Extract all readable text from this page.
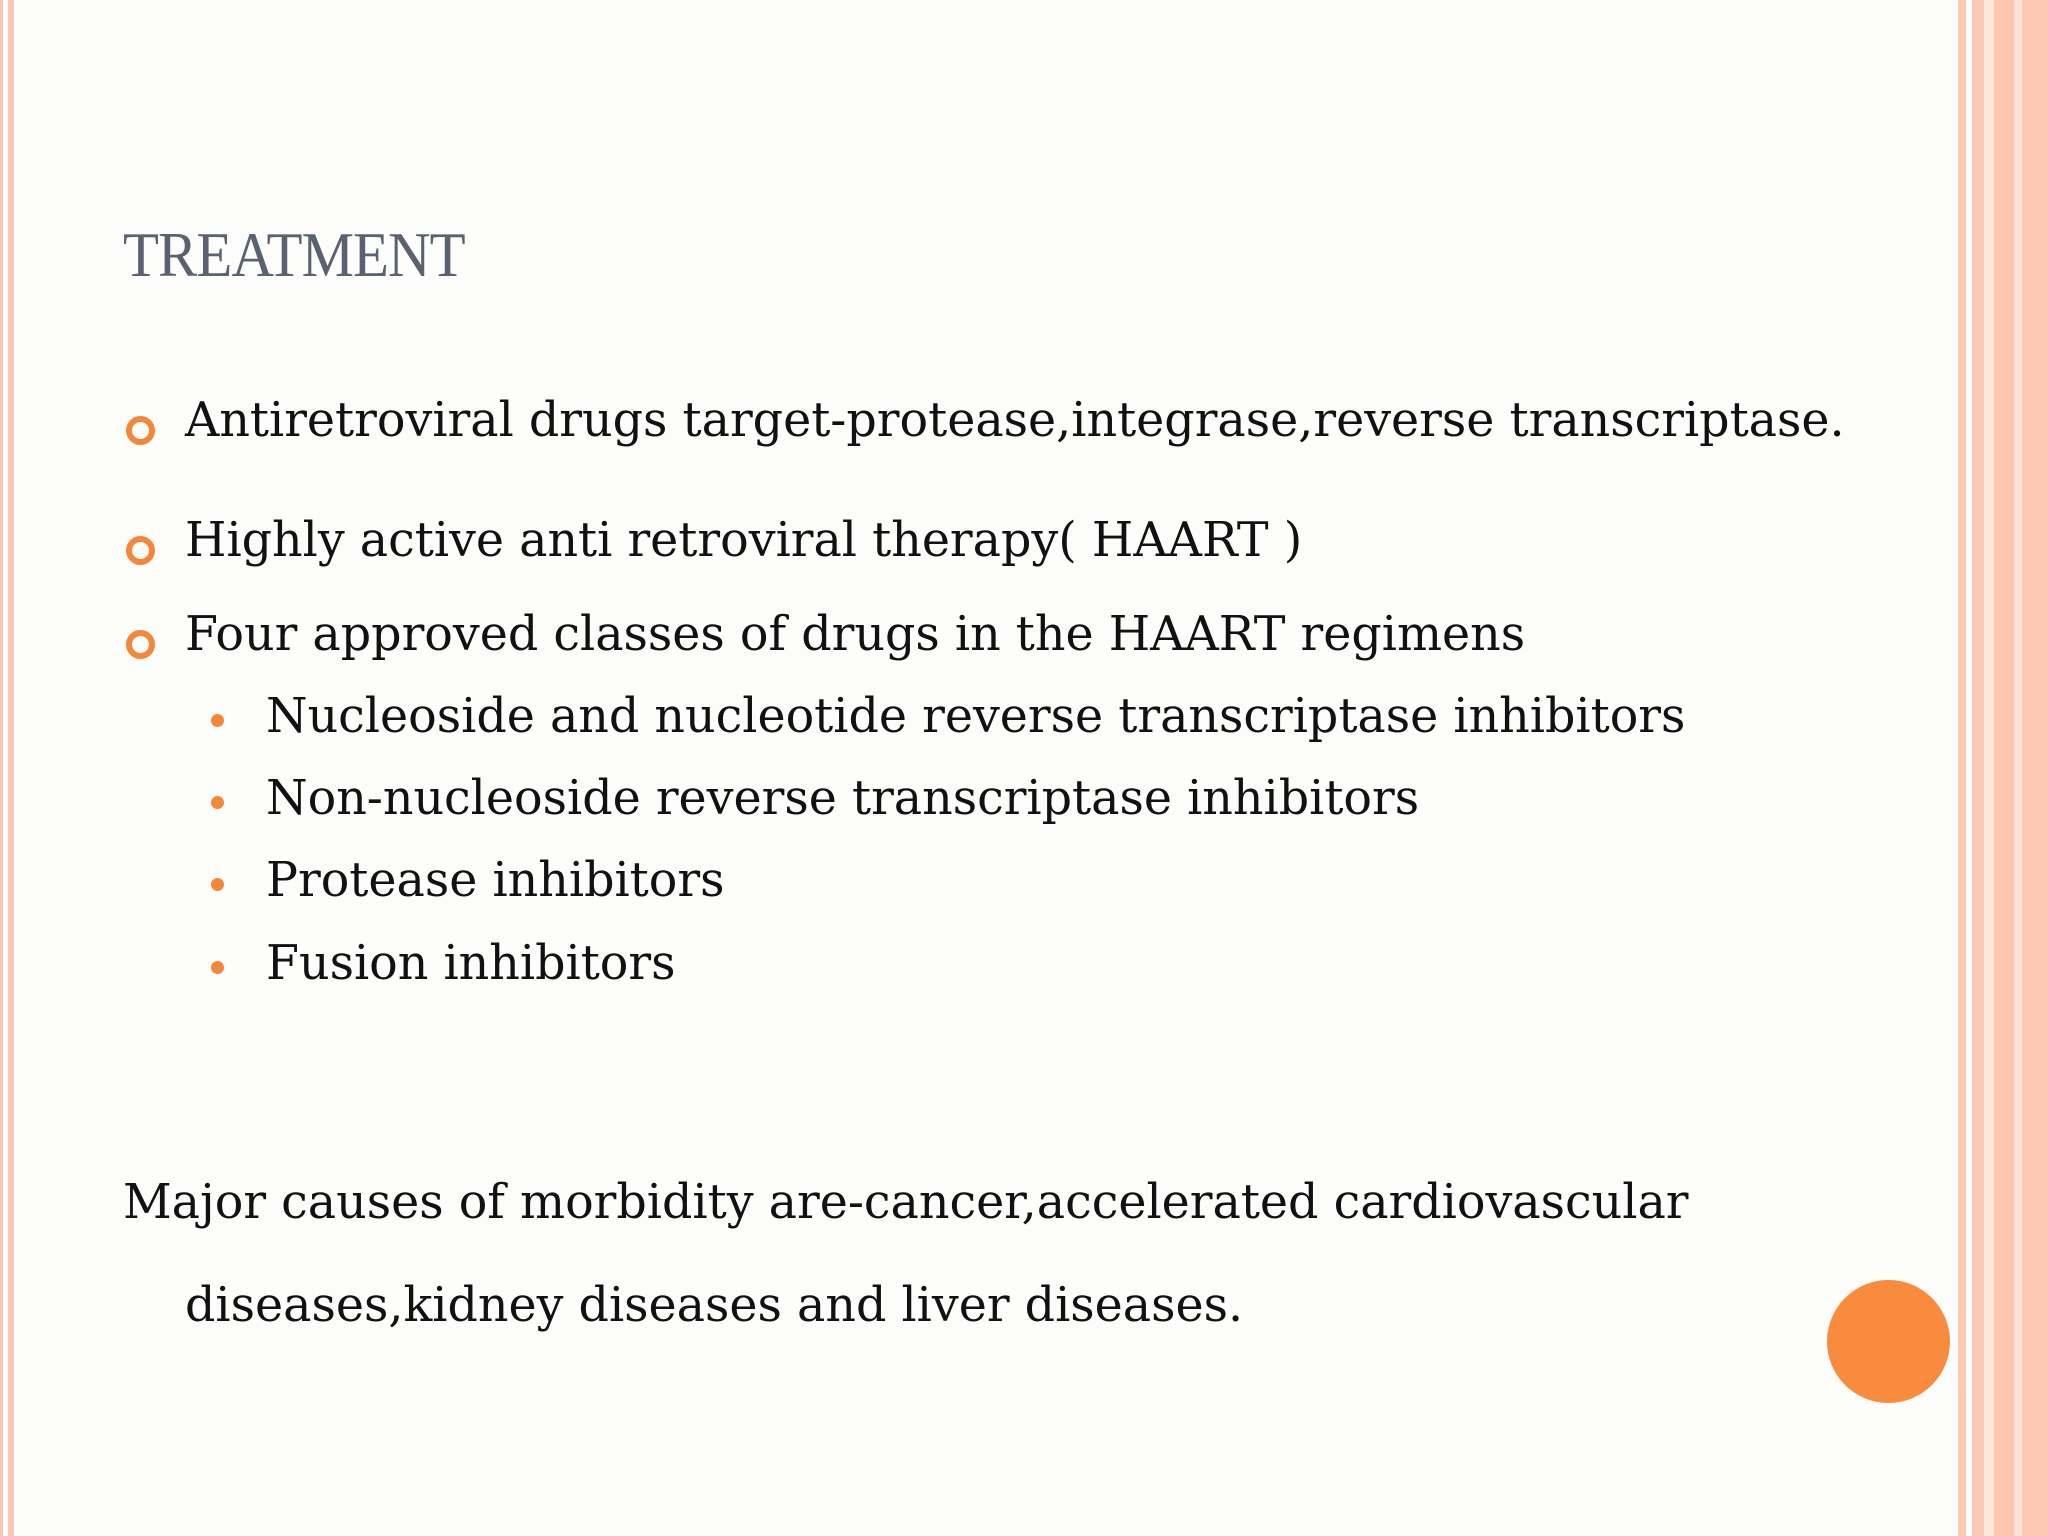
TREATMENT
Antiretroviral drugs target-protease,integrase,reverse transcriptase.
Highly active anti retroviral therapy( HAART )
Four approved classes of drugs in the HAART regimens
Nucleoside and nucleotide reverse transcriptase inhibitors
Non-nucleoside reverse transcriptase inhibitors
Protease inhibitors
Fusion inhibitors
Major causes of morbidity are-cancer,accelerated cardiovascular
diseases,kidney diseases and liver diseases.
